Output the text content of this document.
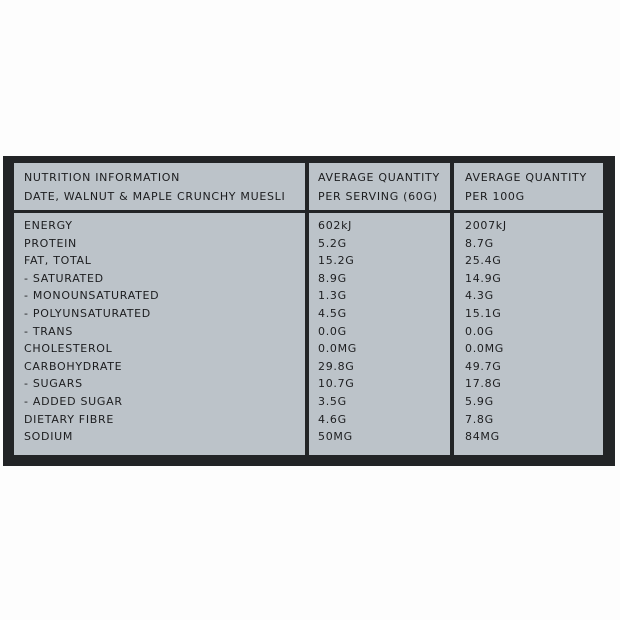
NUTRITION INFORMATION
DATE, WALNUT & MAPLE CRUNCHY MUESLI
AVERAGE QUANTITY
PER SERVING (60G)
AVERAGE QUANTITY
PER 100G
ENERGY
PROTEIN
FAT, TOTAL
- SATURATED
- MONOUNSATURATED
- POLYUNSATURATED
- TRANS
CHOLESTEROL
CARBOHYDRATE
- SUGARS
- ADDED SUGAR
DIETARY FIBRE
SODIUM
602kJ
5.2G
15.2G
8.9G
1.3G
4.5G
0.0G
0.0MG
29.8G
10.7G
3.5G
4.6G
50MG
2007kJ
8.7G
25.4G
14.9G
4.3G
15.1G
0.0G
0.0MG
49.7G
17.8G
5.9G
7.8G
84MG
